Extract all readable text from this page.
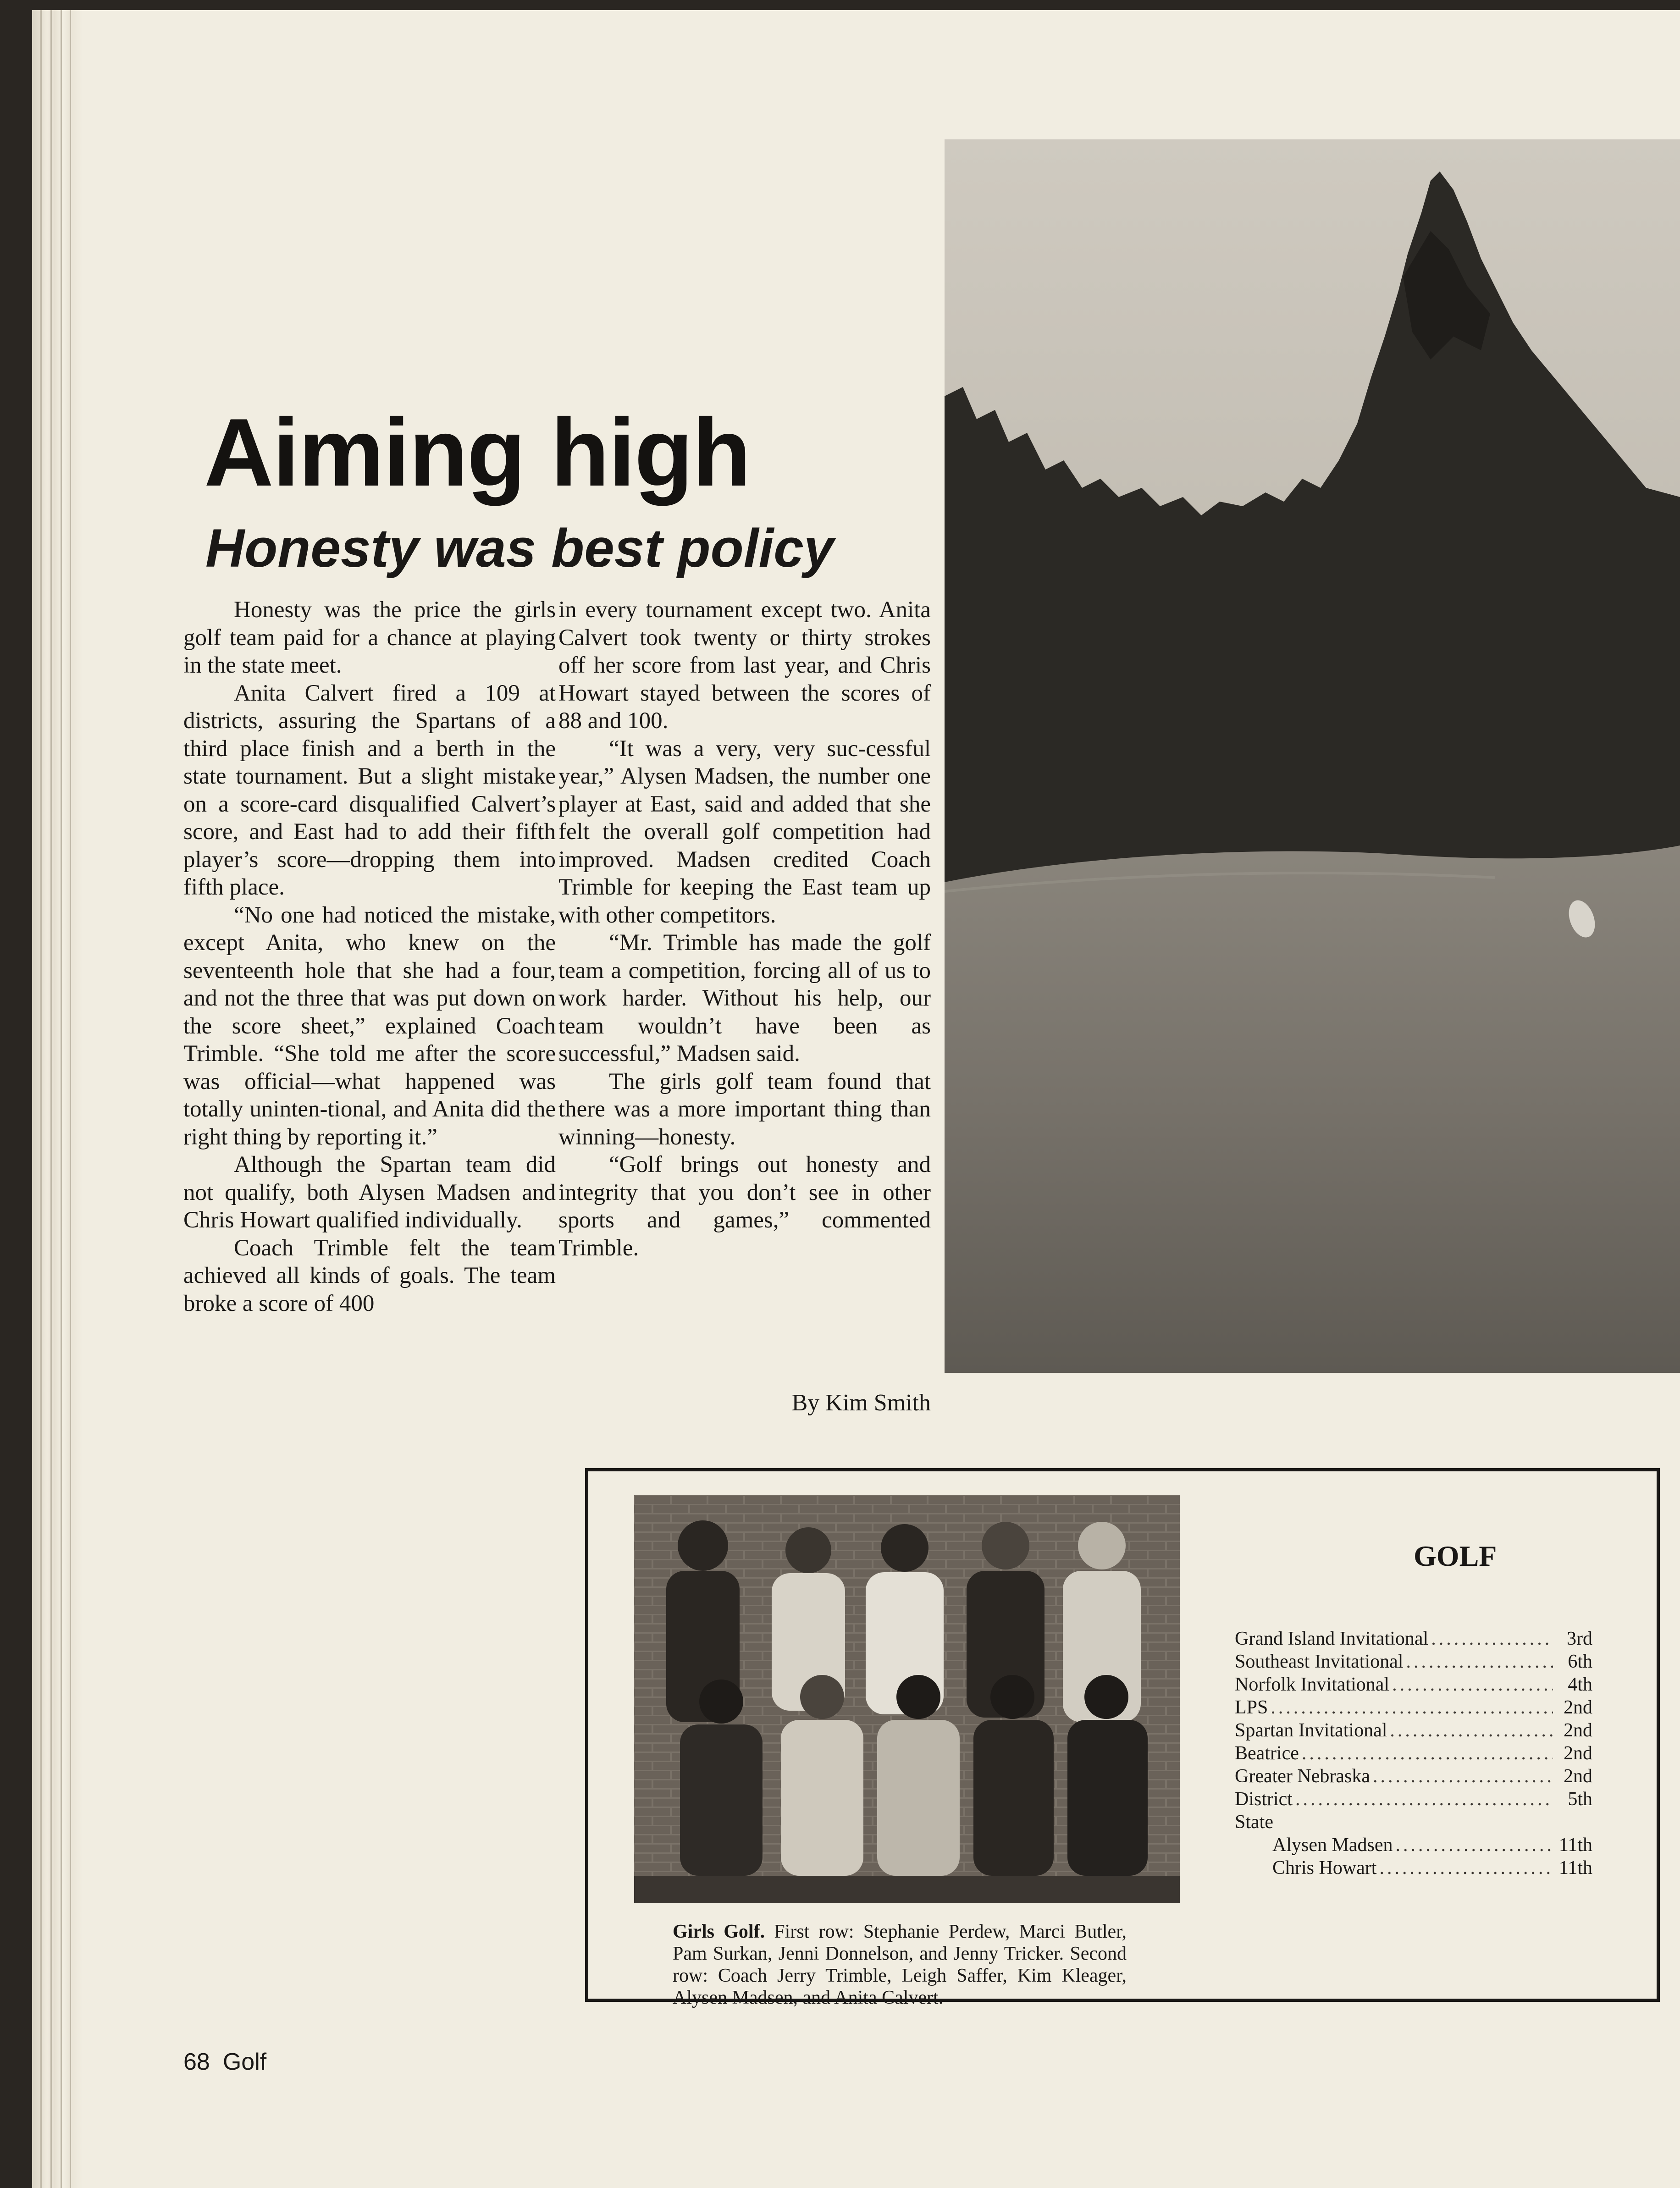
Aiming high
Honesty was best policy

Honesty was the price the girls golf team paid for a chance at playing in the state meet.

Anita Calvert fired a 109 at districts, assuring the Spartans of a third place finish and a berth in the state tournament. But a slight mistake on a score-card disqualified Calvert’s score, and East had to add their fifth player’s score—dropping them into fifth place.

“No one had noticed the mistake, except Anita, who knew on the seventeenth hole that she had a four, and not the three that was put down on the score sheet,” explained Coach Trimble. “She told me after the score was official—what happened was totally uninten-tional, and Anita did the right thing by reporting it.”

Although the Spartan team did not qualify, both Alysen Madsen and Chris Howart qualified individually.

Coach Trimble felt the team achieved all kinds of goals. The team broke a score of 400

in every tournament except two. Anita Calvert took twenty or thirty strokes off her score from last year, and Chris Howart stayed between the scores of 88 and 100.

“It was a very, very suc-cessful year,” Alysen Madsen, the number one player at East, said and added that she felt the overall golf competition had improved. Madsen credited Coach Trimble for keeping the East team up with other competitors.

“Mr. Trimble has made the golf team a competition, forcing all of us to work harder. Without his help, our team wouldn’t have been as successful,” Madsen said.

The girls golf team found that there was a more important thing than winning—honesty.

“Golf brings out honesty and integrity that you don’t see in other sports and games,” commented Trimble.

By Kim Smith

Girls Golf. First row: Stephanie Perdew, Marci Butler, Pam Surkan, Jenni Donnelson, and Jenny Tricker. Second row: Coach Jerry Trimble, Leigh Saffer, Kim Kleager, Alysen Madsen, and Anita Calvert.

GOLF
Grand Island Invitational .....	3rd
Southeast Invitational .....	6th
Norfolk Invitational .....	4th
LPS .....	2nd
Spartan Invitational .....	2nd
Beatrice .....	2nd
Greater Nebraska .....	2nd
District .....	5th
State
Alysen Madsen .....	11th
Chris Howart .....	11th

68 Golf
